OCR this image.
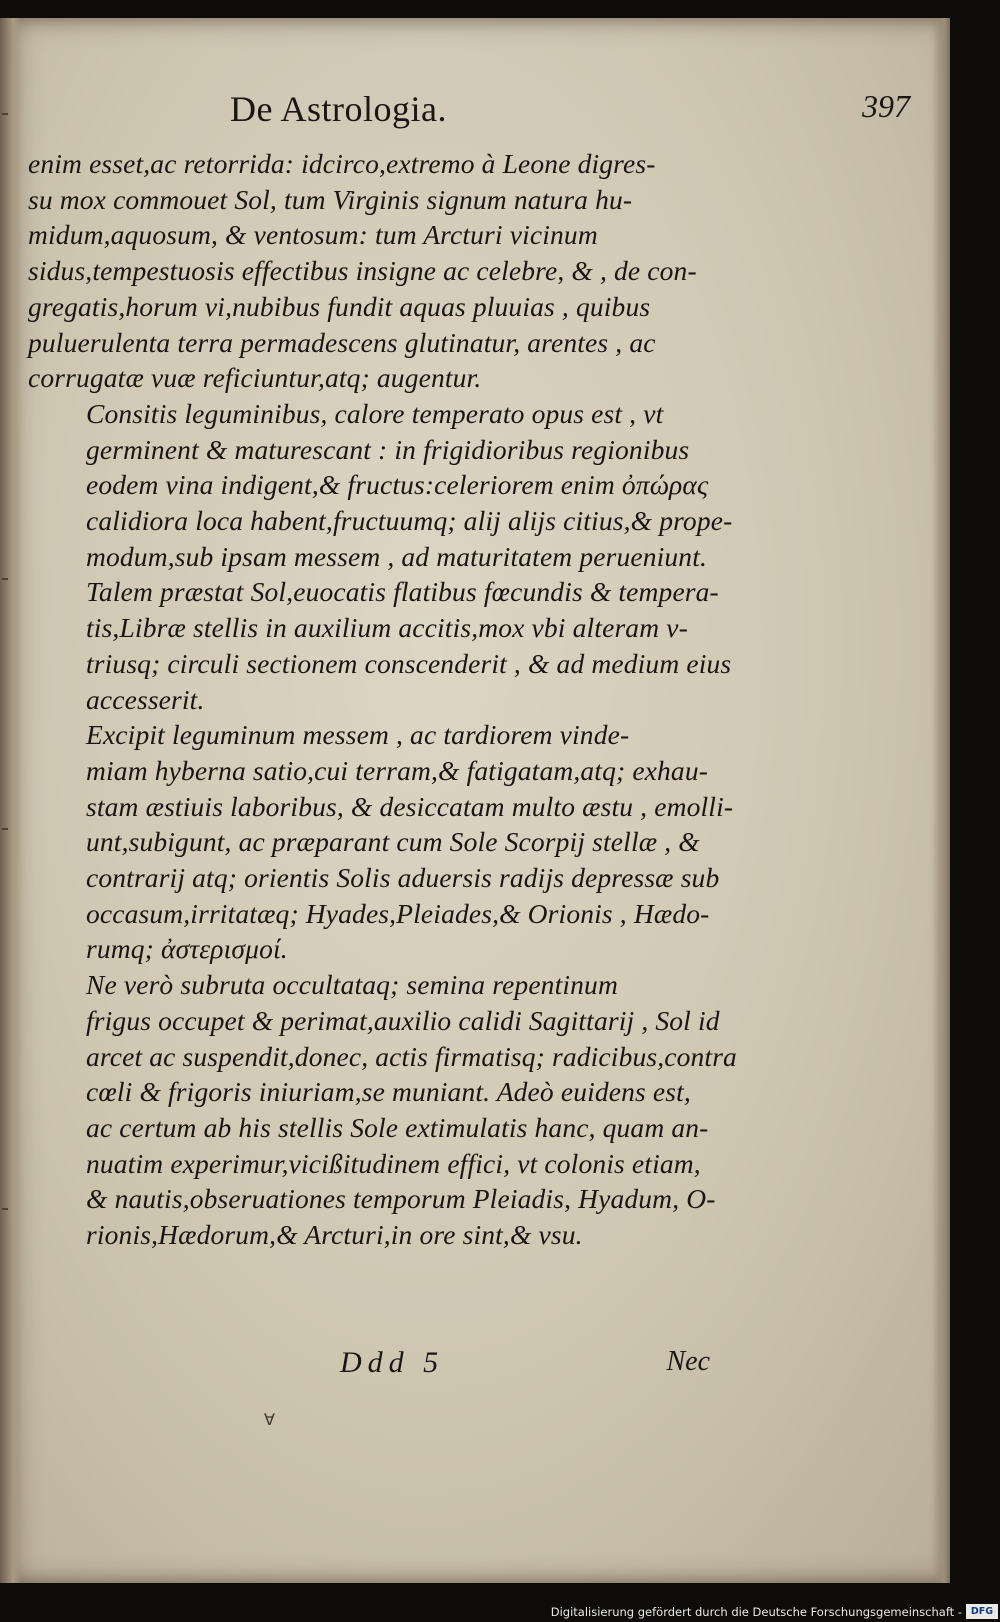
De Astrologia.	397
enim esset,ac retorrida: idcirco,extremo à Leone digres-
su mox commouet Sol, tum Virginis signum natura hu-
midum,aquosum, & ventosum: tum Arcturi vicinum
sidus,tempestuosis effectibus insigne ac celebre, & , de con-
gregatis,horum vi,nubibus fundit aquas pluuias , quibus
puluerulenta terra permadescens glutinatur, arentes , ac
corrugatæ vuæ reficiuntur,atq; augentur.
Consitis leguminibus, calore temperato opus est , vt
germinent & maturescant : in frigidioribus regionibus
eodem vina indigent,& fructus:celeriorem enim ὀπώρας
calidiora loca habent,fructuumq; alij alijs citius,& prope-
modum,sub ipsam messem , ad maturitatem perueniunt.
Talem præstat Sol,euocatis flatibus fœcundis & tempera-
tis,Libræ stellis in auxilium accitis,mox vbi alteram v-
triusq; circuli sectionem conscenderit , & ad medium eius
accesserit.
Excipit leguminum messem , ac tardiorem vinde-
miam hyberna satio,cui terram,& fatigatam,atq; exhau-
stam æstiuis laboribus, & desiccatam multo æstu , emolli-
unt,subigunt, ac præparant cum Sole Scorpij stellæ , &
contrarij atq; orientis Solis aduersis radijs depressæ sub
occasum,irritatæq; Hyades,Pleiades,& Orionis , Hædo-
rumq; ἀστερισμοί.
Ne verò subruta occultataq; semina repentinum
frigus occupet & perimat,auxilio calidi Sagittarij , Sol id
arcet ac suspendit,donec, actis firmatisq; radicibus,contra
cœli & frigoris iniuriam,se muniant. Adeò euidens est,
ac certum ab his stellis Sole extimulatis hanc, quam an-
nuatim experimur,vicißitudinem effici, vt colonis etiam,
& nautis,obseruationes temporum Pleiadis, Hyadum, O-
rionis,Hædorum,& Arcturi,in ore sint,& vsu.
Ddd 5	Nec
∀
Digitalisierung gefördert durch die Deutsche Forschungsgemeinschaft - DFG
